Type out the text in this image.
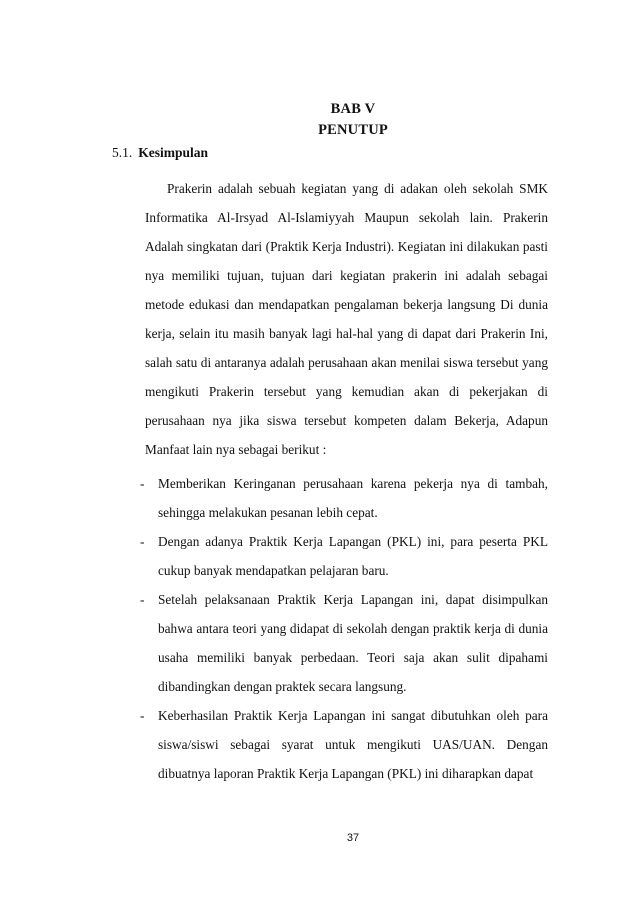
BAB V
PENUTUP
5.1. Kesimpulan

Prakerin adalah sebuah kegiatan yang di adakan oleh sekolah SMK Informatika Al-Irsyad Al-Islamiyyah Maupun sekolah lain. Prakerin Adalah singkatan dari (Praktik Kerja Industri). Kegiatan ini dilakukan pasti nya memiliki tujuan, tujuan dari kegiatan prakerin ini adalah sebagai metode edukasi dan mendapatkan pengalaman bekerja langsung Di dunia kerja, selain itu masih banyak lagi hal-hal yang di dapat dari Prakerin Ini, salah satu di antaranya adalah perusahaan akan menilai siswa tersebut yang mengikuti Prakerin tersebut yang kemudian akan di pekerjakan di perusahaan nya jika siswa tersebut kompeten dalam Bekerja, Adapun Manfaat lain nya sebagai berikut :

- Memberikan Keringanan perusahaan karena pekerja nya di tambah, sehingga melakukan pesanan lebih cepat.
- Dengan adanya Praktik Kerja Lapangan (PKL) ini, para peserta PKL cukup banyak mendapatkan pelajaran baru.
- Setelah pelaksanaan Praktik Kerja Lapangan ini, dapat disimpulkan bahwa antara teori yang didapat di sekolah dengan praktik kerja di dunia usaha memiliki banyak perbedaan. Teori saja akan sulit dipahami dibandingkan dengan praktek secara langsung.
- Keberhasilan Praktik Kerja Lapangan ini sangat dibutuhkan oleh para siswa/siswi sebagai syarat untuk mengikuti UAS/UAN. Dengan dibuatnya laporan Praktik Kerja Lapangan (PKL) ini diharapkan dapat
37
